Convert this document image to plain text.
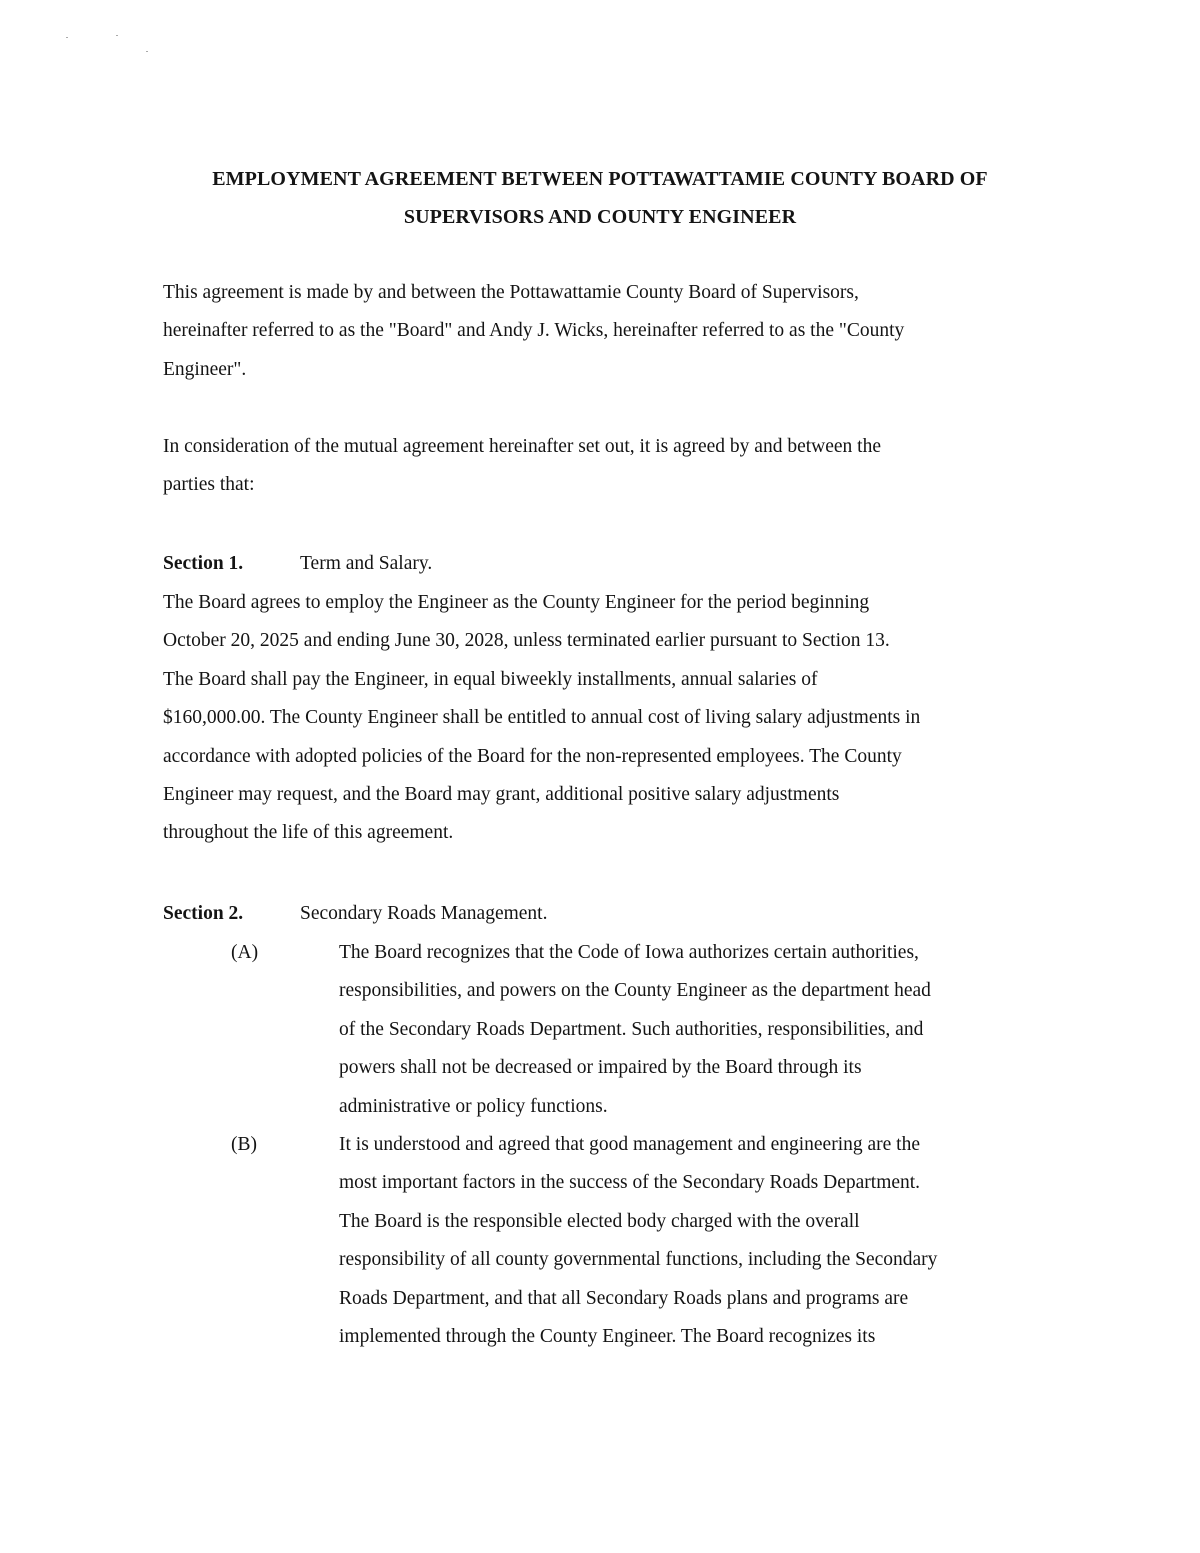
EMPLOYMENT AGREEMENT BETWEEN POTTAWATTAMIE COUNTY BOARD OF
SUPERVISORS AND COUNTY ENGINEER
This agreement is made by and between the Pottawattamie County Board of Supervisors,
hereinafter referred to as the "Board" and Andy J. Wicks, hereinafter referred to as the "County
Engineer".
In consideration of the mutual agreement hereinafter set out, it is agreed by and between the
parties that:
Section 1.	Term and Salary.
The Board agrees to employ the Engineer as the County Engineer for the period beginning
October 20, 2025 and ending June 30, 2028, unless terminated earlier pursuant to Section 13.
The Board shall pay the Engineer, in equal biweekly installments, annual salaries of
$160,000.00. The County Engineer shall be entitled to annual cost of living salary adjustments in
accordance with adopted policies of the Board for the non-represented employees. The County
Engineer may request, and the Board may grant, additional positive salary adjustments
throughout the life of this agreement.
Section 2.	Secondary Roads Management.
(A)	The Board recognizes that the Code of Iowa authorizes certain authorities,
responsibilities, and powers on the County Engineer as the department head
of the Secondary Roads Department. Such authorities, responsibilities, and
powers shall not be decreased or impaired by the Board through its
administrative or policy functions.
(B)	It is understood and agreed that good management and engineering are the
most important factors in the success of the Secondary Roads Department.
The Board is the responsible elected body charged with the overall
responsibility of all county governmental functions, including the Secondary
Roads Department, and that all Secondary Roads plans and programs are
implemented through the County Engineer. The Board recognizes its
